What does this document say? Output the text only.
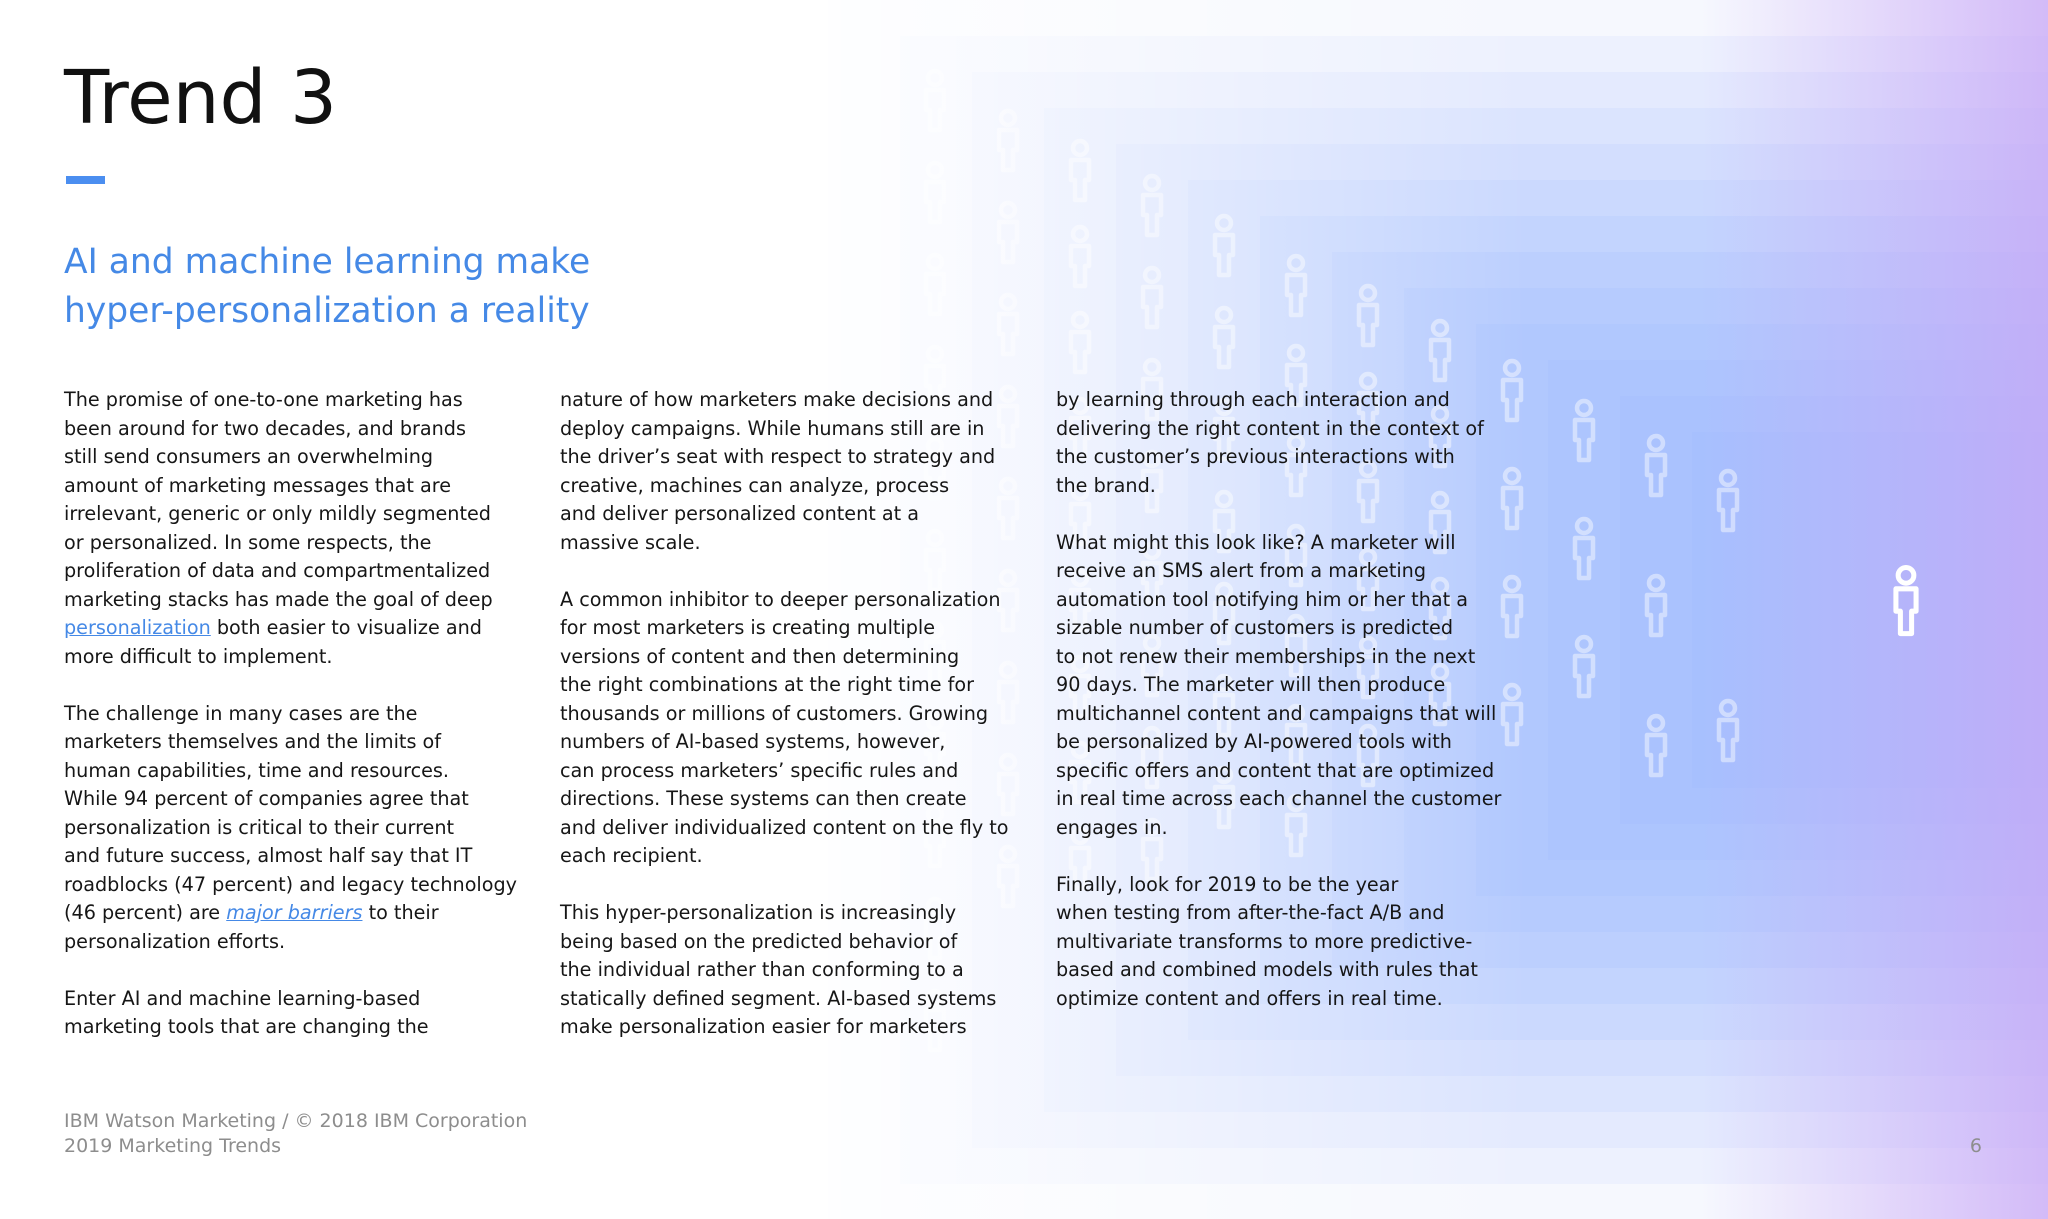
Trend 3
AI and machine learning make
hyper-personalization a reality

The promise of one-to-one marketing has
been around for two decades, and brands
still send consumers an overwhelming
amount of marketing messages that are
irrelevant, generic or only mildly segmented
or personalized. In some respects, the
proliferation of data and compartmentalized
marketing stacks has made the goal of deep
personalization both easier to visualize and
more difficult to implement.

The challenge in many cases are the
marketers themselves and the limits of
human capabilities, time and resources.
While 94 percent of companies agree that
personalization is critical to their current
and future success, almost half say that IT
roadblocks (47 percent) and legacy technology
(46 percent) are major barriers to their
personalization efforts.

Enter AI and machine learning-based
marketing tools that are changing the

nature of how marketers make decisions and
deploy campaigns. While humans still are in
the driver’s seat with respect to strategy and
creative, machines can analyze, process
and deliver personalized content at a
massive scale.

A common inhibitor to deeper personalization
for most marketers is creating multiple
versions of content and then determining
the right combinations at the right time for
thousands or millions of customers. Growing
numbers of AI-based systems, however,
can process marketers’ specific rules and
directions. These systems can then create
and deliver individualized content on the fly to
each recipient.

This hyper-personalization is increasingly
being based on the predicted behavior of
the individual rather than conforming to a
statically defined segment. AI-based systems
make personalization easier for marketers

by learning through each interaction and
delivering the right content in the context of
the customer’s previous interactions with
the brand.

What might this look like? A marketer will
receive an SMS alert from a marketing
automation tool notifying him or her that a
sizable number of customers is predicted
to not renew their memberships in the next
90 days. The marketer will then produce
multichannel content and campaigns that will
be personalized by AI-powered tools with
specific offers and content that are optimized
in real time across each channel the customer
engages in.

Finally, look for 2019 to be the year
when testing from after-the-fact A/B and
multivariate transforms to more predictive-
based and combined models with rules that
optimize content and offers in real time.

IBM Watson Marketing / © 2018 IBM Corporation
2019 Marketing Trends	6
